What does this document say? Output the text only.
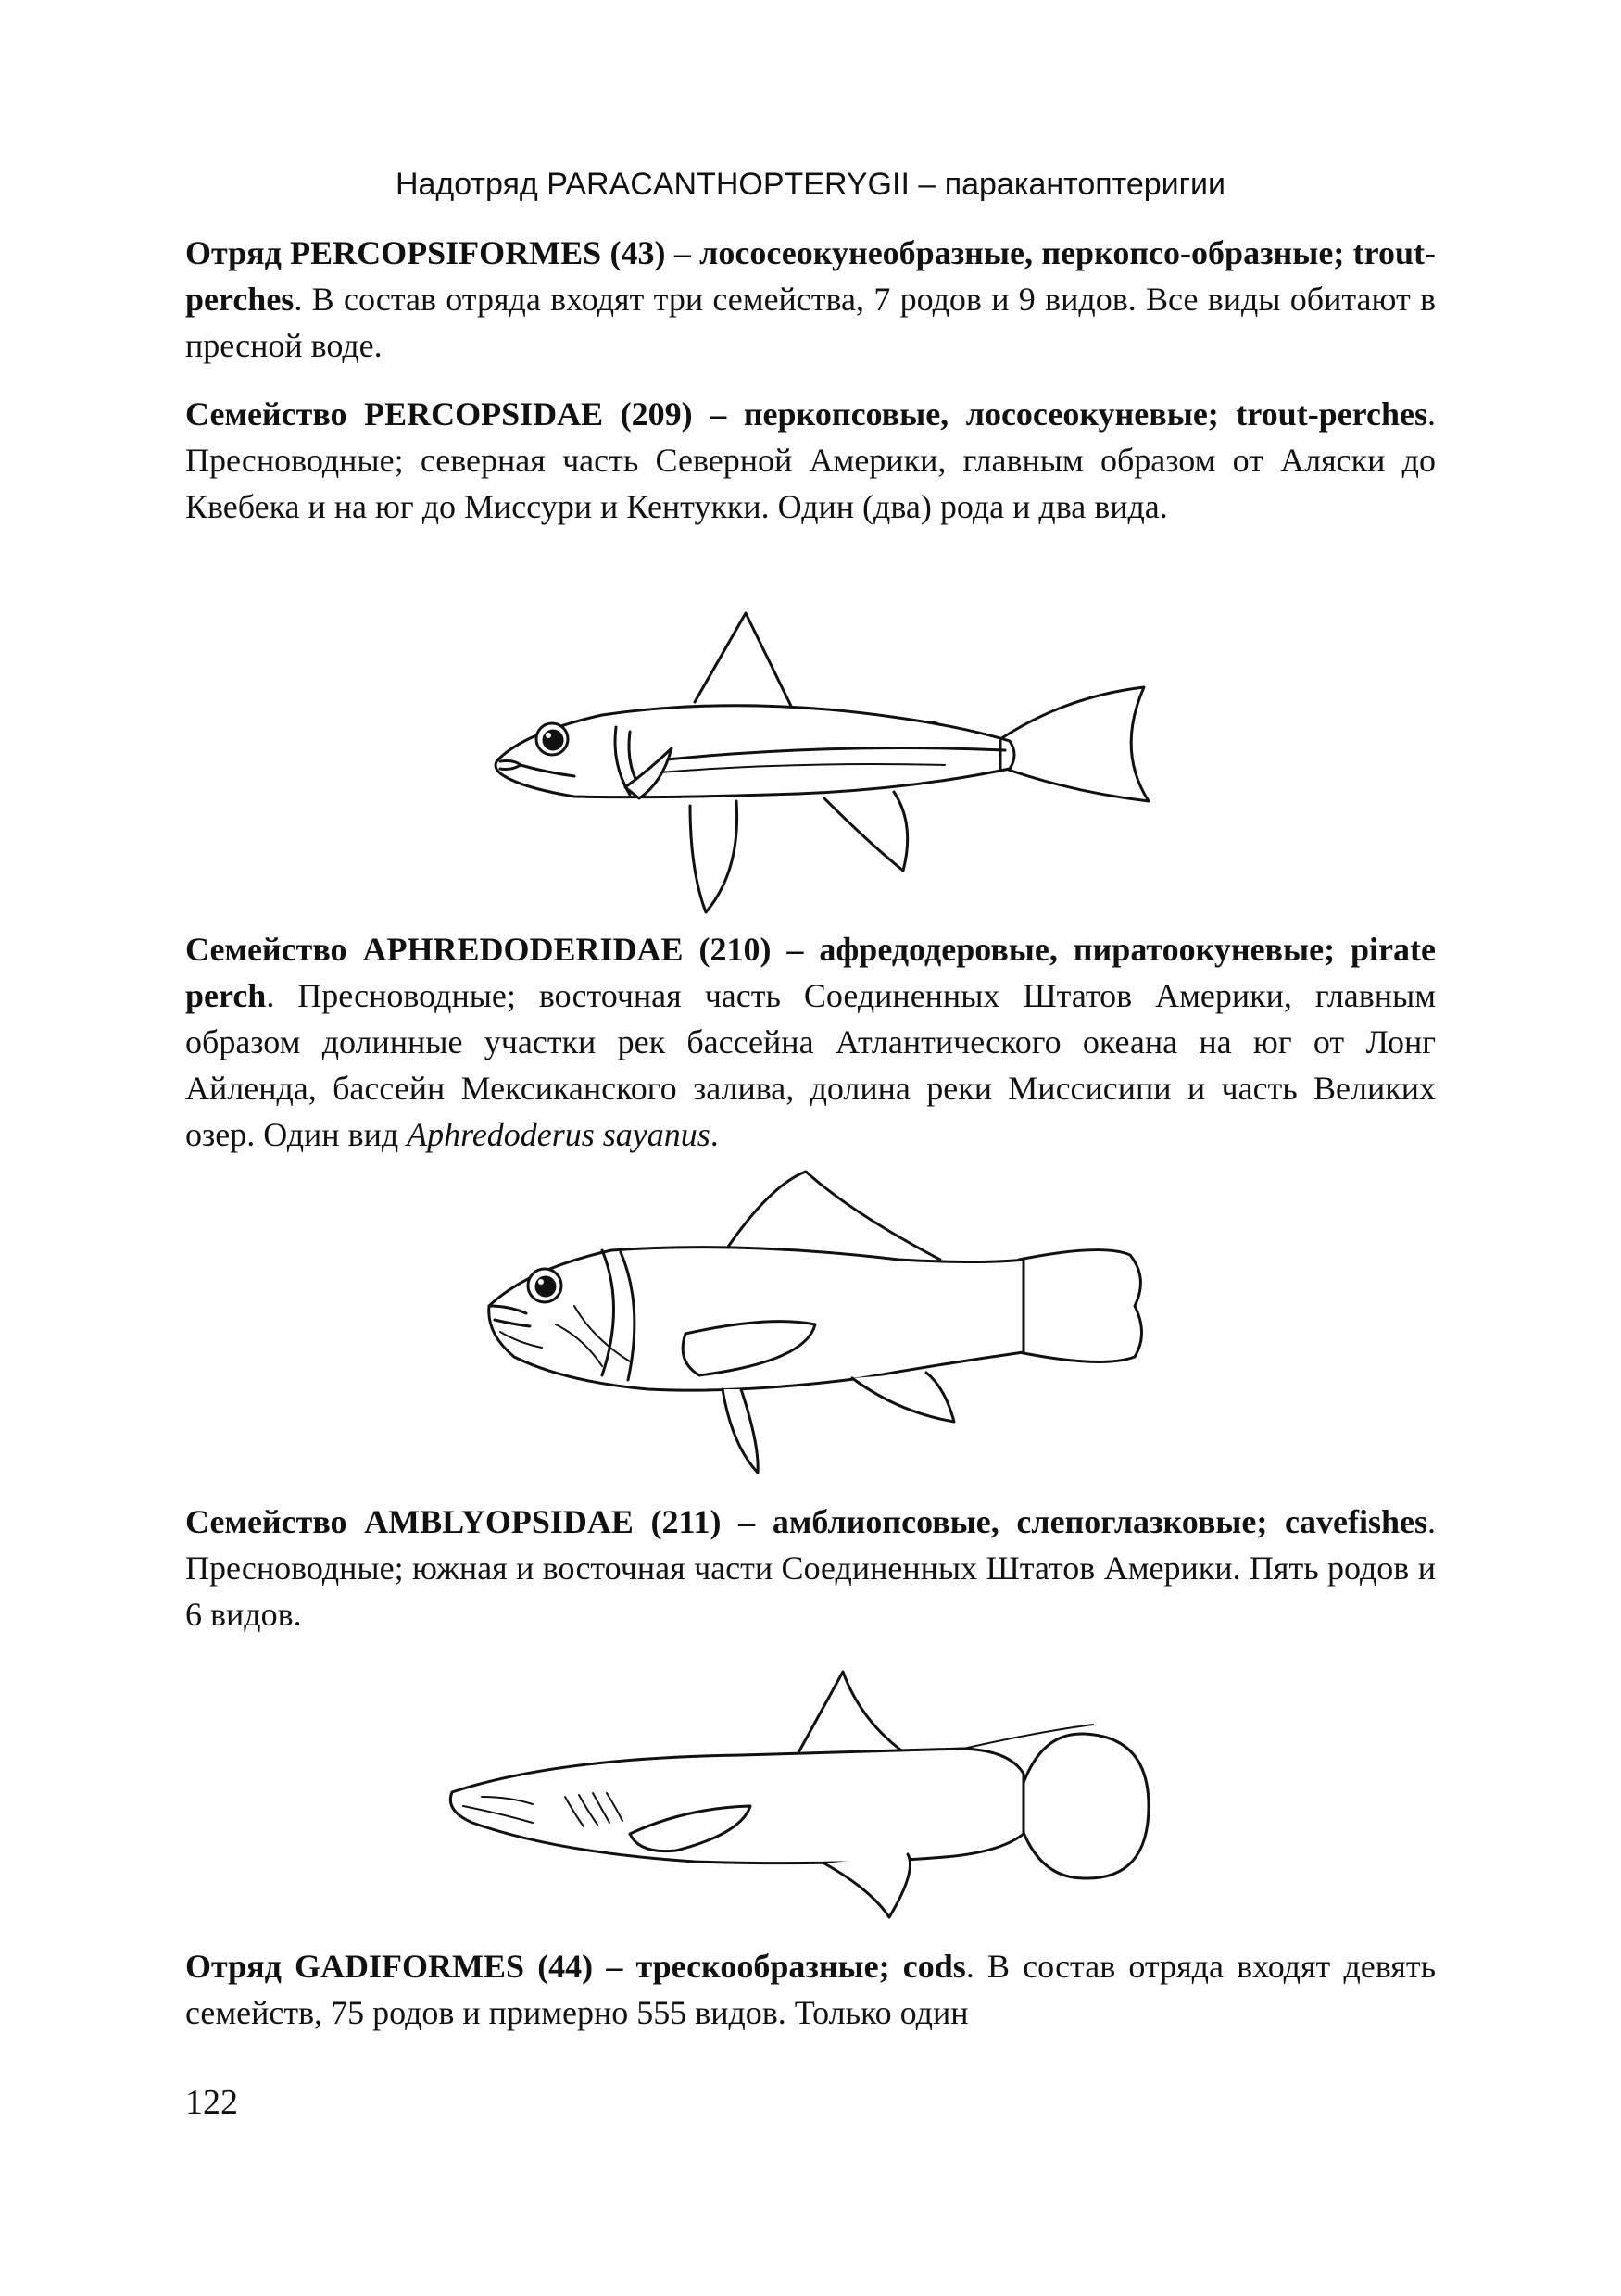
Надотряд PARACANTHOPTERYGII – паракантоптеригии

Отряд PERCOPSIFORMES (43) – лососеокунеобразные, перкопсо-образные; trout-perches. В состав отряда входят три семейства, 7 родов и 9 видов. Все виды обитают в пресной воде.

Семейство PERCOPSIDAE (209) – перкопсовые, лососеокуневые; trout-perches. Пресноводные; северная часть Северной Америки, главным образом от Аляски до Квебека и на юг до Миссури и Кентукки. Один (два) рода и два вида.

Семейство APHREDODERIDAE (210) – афредодеровые, пиратоокуневые; pirate perch. Пресноводные; восточная часть Соединенных Штатов Америки, главным образом долинные участки рек бассейна Атлантического океана на юг от Лонг Айленда, бассейн Мексиканского залива, долина реки Миссисипи и часть Великих озер. Один вид Aphredoderus sayanus.

Семейство AMBLYOPSIDAE (211) – амблиопсовые, слепоглазковые; cavefishes. Пресноводные; южная и восточная части Соединенных Штатов Америки. Пять родов и 6 видов.

Отряд GADIFORMES (44) – трескообразные; cods. В состав отряда входят девять семейств, 75 родов и примерно 555 видов. Только один

122
